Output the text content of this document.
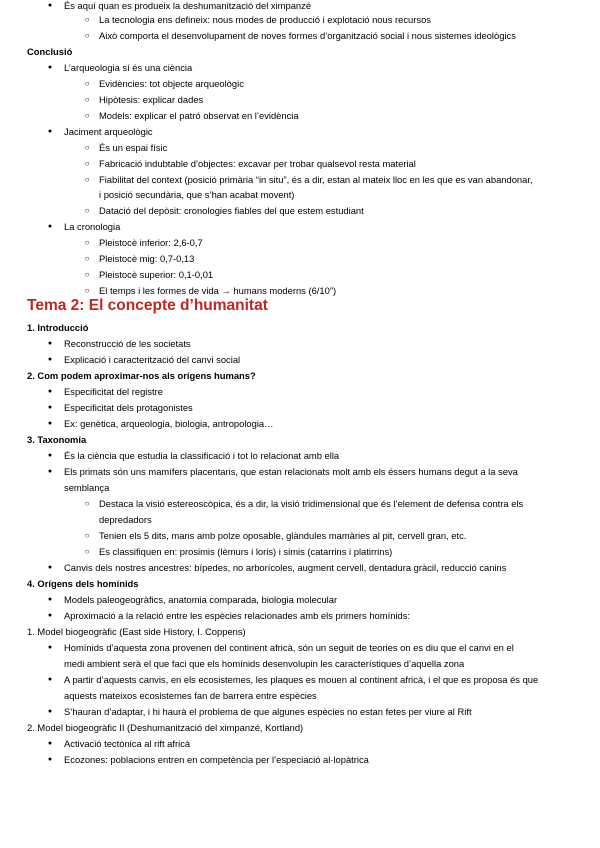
Tema 2: El concepte d’humanitat
○	La tecnologia ens defineix: nous modes de producció i explotació nous recursos
○	Això comporta el desenvolupament de noves formes d’organització social i nous sistemes ideològics
Conclusió
●	L’arqueologia sí és una ciència
○	Evidències: tot objecte arqueològic
○	Hipòtesis: explicar dades
○	Models: explicar el patró observat en l’evidència
●	Jaciment arqueològic
○	És un espai físic
○	Fabricació indubtable d’objectes: excavar per trobar qualsevol resta material
○	Fiabilitat del context (posició primària “in situ”, és a dir, estan al mateix lloc en les que es van abandonar,
i posició secundària, que s’han acabat movent)
○	Datació del depòsit: cronologies fiables del que estem estudiant
●	La cronologia
○	Pleistocè inferior: 2,6-0,7
○	Pleistocè mig: 0,7-0,13
○	Pleistocè superior: 0,1-0,01
○	El temps i les formes de vida → humans moderns (6/10”)
1. Introducció
●	Reconstrucció de les societats
●	Explicació i caracterització del canvi social
2. Com podem aproximar-nos als orígens humans?
●	Especificitat del registre
●	Especificitat dels protagonistes
●	Ex: genètica, arqueologia, biologia, antropologia…
3. Taxonomia
●	És la ciència que estudia la classificació i tot lo relacionat amb ella
●	Els primats són uns mamífers placentaris, que estan relacionats molt amb els éssers humans degut a la seva
semblança
○	Destaca la visió estereoscòpica, és a dir, la visió tridimensional que és l’element de defensa contra els
depredadors
○	Tenien els 5 dits, mans amb polze oposable, glàndules mamàries al pit, cervell gran, etc.
○	Es classifiquen en: prosimis (lèmurs i loris) i simis (catarrins i platirrins)
●	Canvis dels nostres ancestres: bípedes, no arborícoles, augment cervell, dentadura gràcil, reducció canins
4. Orígens dels homínids
●	Models paleogeogràfics, anatomia comparada, biologia molecular
●	Aproximació a la relació entre les espècies relacionades amb els primers homínids:
1. Model biogeogràfic (East side History, I. Coppens)
●	Homínids d’aquesta zona provenen del continent africà, són un seguit de teories on es diu que el canvi en el
medi ambient serà el que faci que els homínids desenvolupin les característiques d’aquella zona
●	A partir d’aquests canvis, en els ecosistemes, les plaques es mouen al continent africà, i el que es proposa és que
aquests mateixos ecosistemes fan de barrera entre espècies
●	S’hauran d’adaptar, i hi haurà el problema de que algunes espècies no estan fetes per viure al Rift
2. Model biogeogràfic II (Deshumanització del ximpanzé, Kortland)
●	Activació tectònica al rift africà
●	Ecozones: poblacions entren en competència per l’especiació al·lopàtrica
●	És aquí quan es produeix la deshumanització del ximpanzé
